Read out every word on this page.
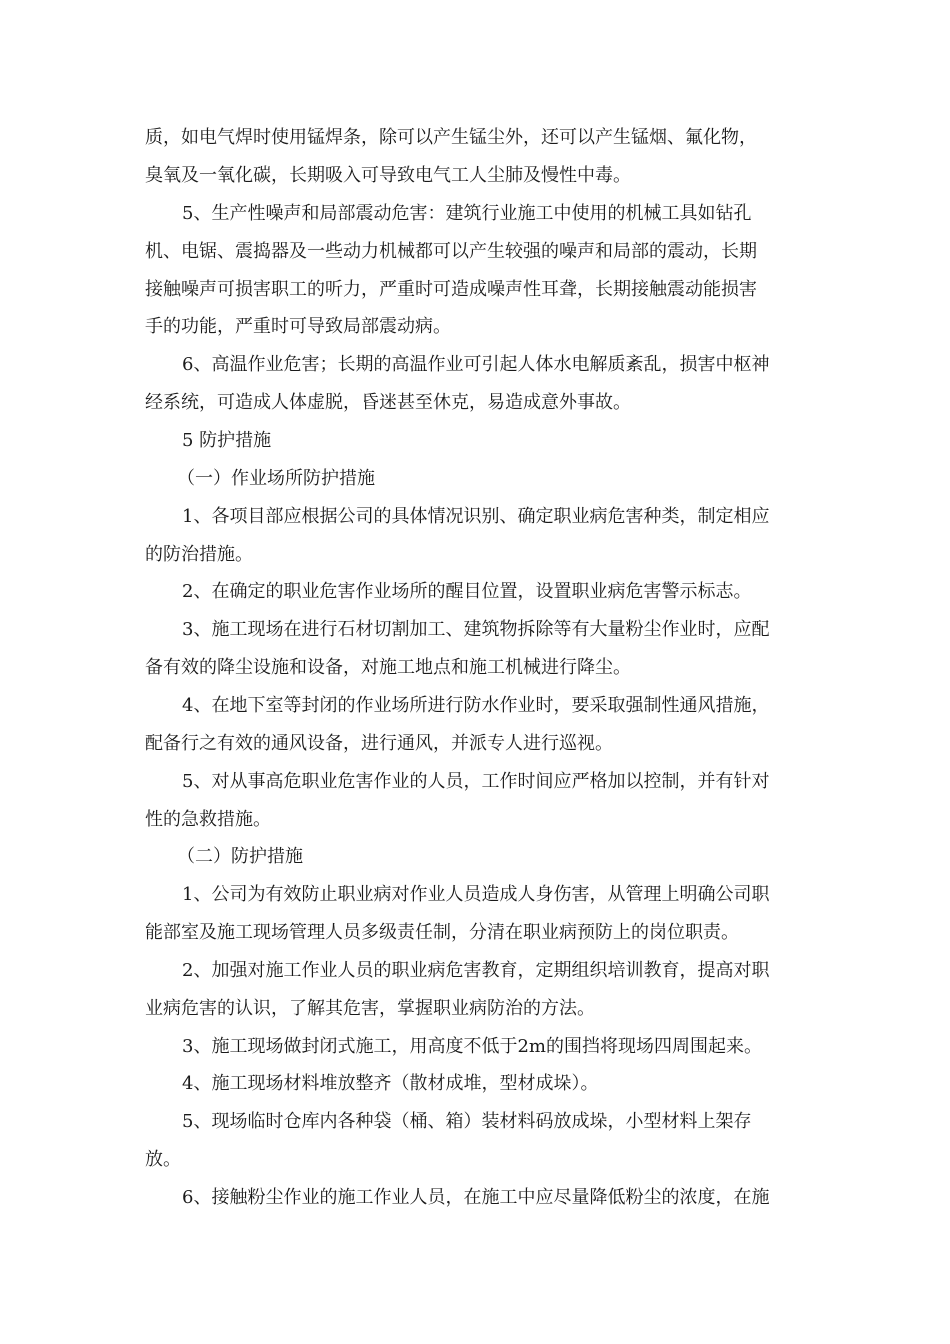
质，如电气焊时使用锰焊条，除可以产生锰尘外，还可以产生锰烟、氟化物，
臭氧及一氧化碳，长期吸入可导致电气工人尘肺及慢性中毒。
5、生产性噪声和局部震动危害：建筑行业施工中使用的机械工具如钻孔
机、电锯、震捣器及一些动力机械都可以产生较强的噪声和局部的震动，长期
接触噪声可损害职工的听力，严重时可造成噪声性耳聋，长期接触震动能损害
手的功能，严重时可导致局部震动病。
6、高温作业危害；长期的高温作业可引起人体水电解质紊乱，损害中枢神
经系统，可造成人体虚脱，昏迷甚至休克，易造成意外事故。
5 防护措施
（一）作业场所防护措施
1、各项目部应根据公司的具体情况识别、确定职业病危害种类，制定相应
的防治措施。
2、在确定的职业危害作业场所的醒目位置，设置职业病危害警示标志。
3、施工现场在进行石材切割加工、建筑物拆除等有大量粉尘作业时，应配
备有效的降尘设施和设备，对施工地点和施工机械进行降尘。
4、在地下室等封闭的作业场所进行防水作业时，要采取强制性通风措施，
配备行之有效的通风设备，进行通风，并派专人进行巡视。
5、对从事高危职业危害作业的人员，工作时间应严格加以控制，并有针对
性的急救措施。
（二）防护措施
1、公司为有效防止职业病对作业人员造成人身伤害，从管理上明确公司职
能部室及施工现场管理人员多级责任制，分清在职业病预防上的岗位职责。
2、加强对施工作业人员的职业病危害教育，定期组织培训教育，提高对职
业病危害的认识，了解其危害，掌握职业病防治的方法。
3、施工现场做封闭式施工，用高度不低于2m的围挡将现场四周围起来。
4、施工现场材料堆放整齐（散材成堆，型材成垛）。
5、现场临时仓库内各种袋（桶、箱）装材料码放成垛，小型材料上架存
放。
6、接触粉尘作业的施工作业人员，在施工中应尽量降低粉尘的浓度，在施
